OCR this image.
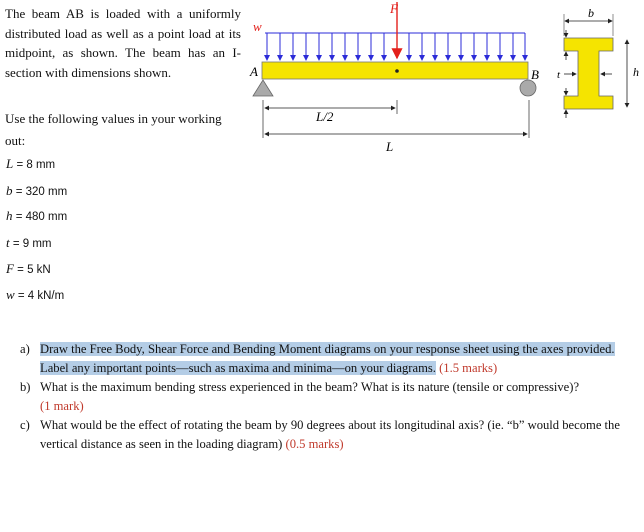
The beam AB is loaded with a uniformly distributed load as well as a point load at its midpoint, as shown. The beam has an I-section with dimensions shown.
Use the following values in your working out:
L = 8 mm
b = 320 mm
h = 480 mm
t = 9 mm
F = 5 kN
w = 4 kN/m
w
F
A	B
L/2
L
b
h
t
a) Draw the Free Body, Shear Force and Bending Moment diagrams on your response sheet using the axes provided. Label any important points—such as maxima and minima—on your diagrams. (1.5 marks)
b) What is the maximum bending stress experienced in the beam? What is its nature (tensile or compressive)?
(1 mark)
c) What would be the effect of rotating the beam by 90 degrees about its longitudinal axis? (ie. “b” would become the vertical distance as seen in the loading diagram) (0.5 marks)
